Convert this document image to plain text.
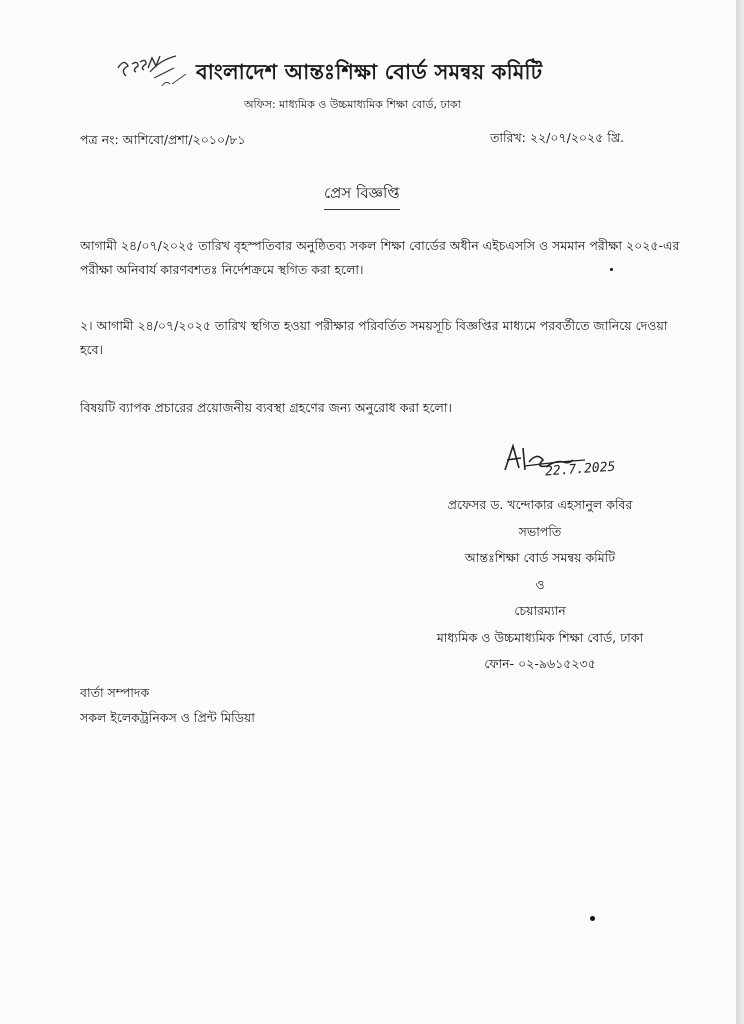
বাংলাদেশ আন্তঃশিক্ষা বোর্ড সমন্বয় কমিটি
অফিস: মাধ্যমিক ও উচ্চমাধ্যমিক শিক্ষা বোর্ড, ঢাকা
পত্র নং: আশিবো/প্রশা/২০১০/৮১	তারিখ: ২২/০৭/২০২৫ খ্রি.
প্রেস বিজ্ঞপ্তি
আগামী ২৪/০৭/২০২৫ তারিখ বৃহস্পতিবার অনুষ্ঠিতব্য সকল শিক্ষা বোর্ডের অধীন এইচএসসি ও সমমান পরীক্ষা ২০২৫-এর পরীক্ষা অনিবার্য কারণবশতঃ নির্দেশক্রমে স্থগিত করা হলো।
২। আগামী ২৪/০৭/২০২৫ তারিখ স্থগিত হওয়া পরীক্ষার পরিবর্তিত সময়সূচি বিজ্ঞপ্তির মাধ্যমে পরবর্তীতে জানিয়ে দেওয়া হবে।
বিষয়টি ব্যাপক প্রচারের প্রয়োজনীয় ব্যবস্থা গ্রহণের জন্য অনুরোধ করা হলো।
22.7.2025
প্রফেসর ড. খন্দোকার এহসানুল কবির
সভাপতি
আন্তঃশিক্ষা বোর্ড সমন্বয় কমিটি
ও
চেয়ারম্যান
মাধ্যমিক ও উচ্চমাধ্যমিক শিক্ষা বোর্ড, ঢাকা
ফোন- ০২-৯৬১৫২৩৫
বার্তা সম্পাদক
সকল ইলেকট্রনিকস ও প্রিন্ট মিডিয়া
